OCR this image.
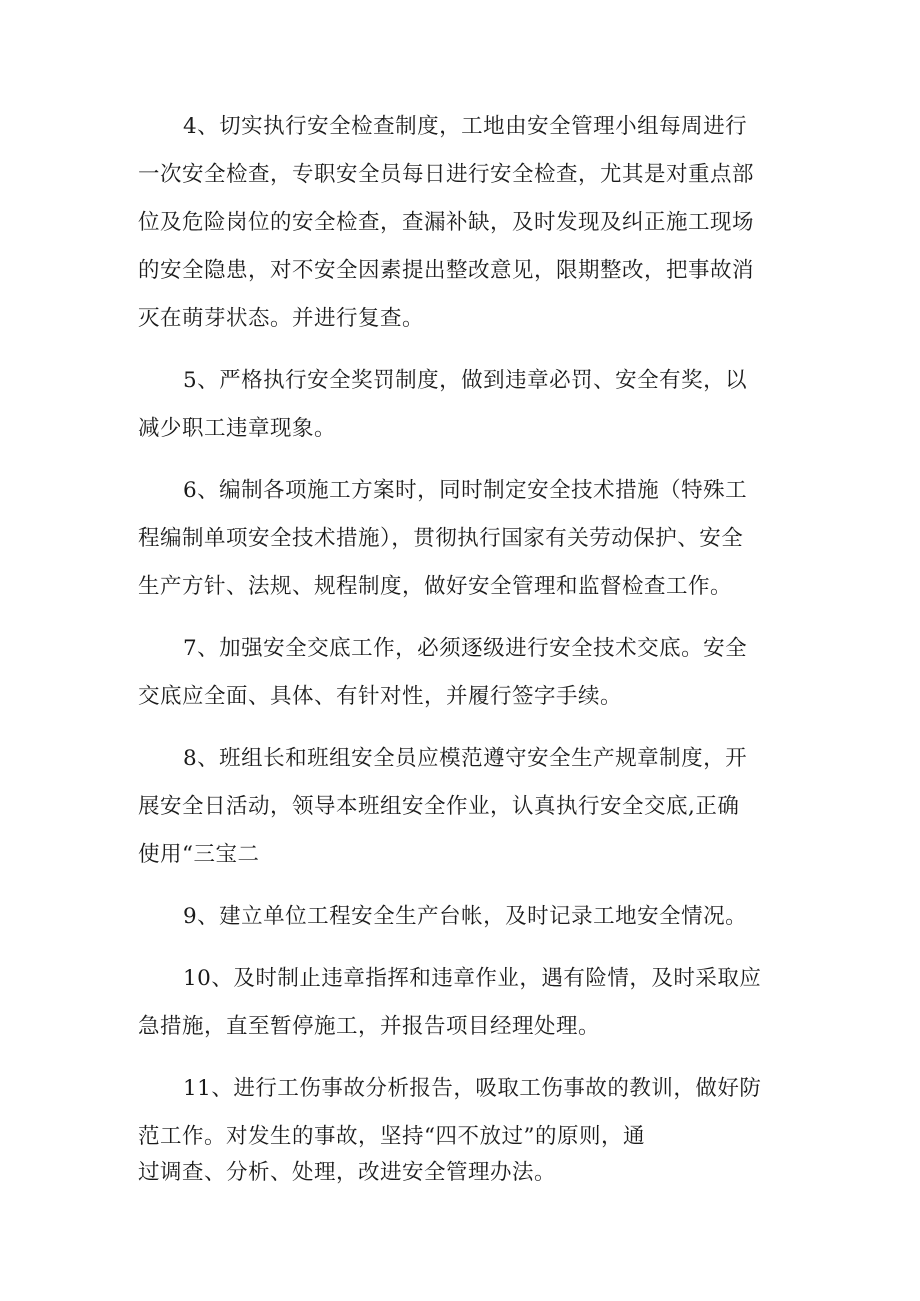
4、切实执行安全检查制度，工地由安全管理小组每周进行
一次安全检查，专职安全员每日进行安全检查，尤其是对重点部
位及危险岗位的安全检查，查漏补缺，及时发现及纠正施工现场
的安全隐患，对不安全因素提出整改意见，限期整改，把事故消
灭在萌芽状态。并进行复查。
5、严格执行安全奖罚制度，做到违章必罚、安全有奖，以
减少职工违章现象。
6、编制各项施工方案时，同时制定安全技术措施（特殊工
程编制单项安全技术措施），贯彻执行国家有关劳动保护、安全
生产方针、法规、规程制度，做好安全管理和监督检查工作。
7、加强安全交底工作，必须逐级进行安全技术交底。安全
交底应全面、具体、有针对性，并履行签字手续。
8、班组长和班组安全员应模范遵守安全生产规章制度，开
展安全日活动，领导本班组安全作业，认真执行安全交底,正确
使用“三宝二
9、建立单位工程安全生产台帐，及时记录工地安全情况。
10、及时制止违章指挥和违章作业，遇有险情，及时采取应
急措施，直至暂停施工，并报告项目经理处理。
11、进行工伤事故分析报告，吸取工伤事故的教训，做好防
范工作。对发生的事故，坚持“四不放过”的原则，通
过调查、分析、处理，改进安全管理办法。
